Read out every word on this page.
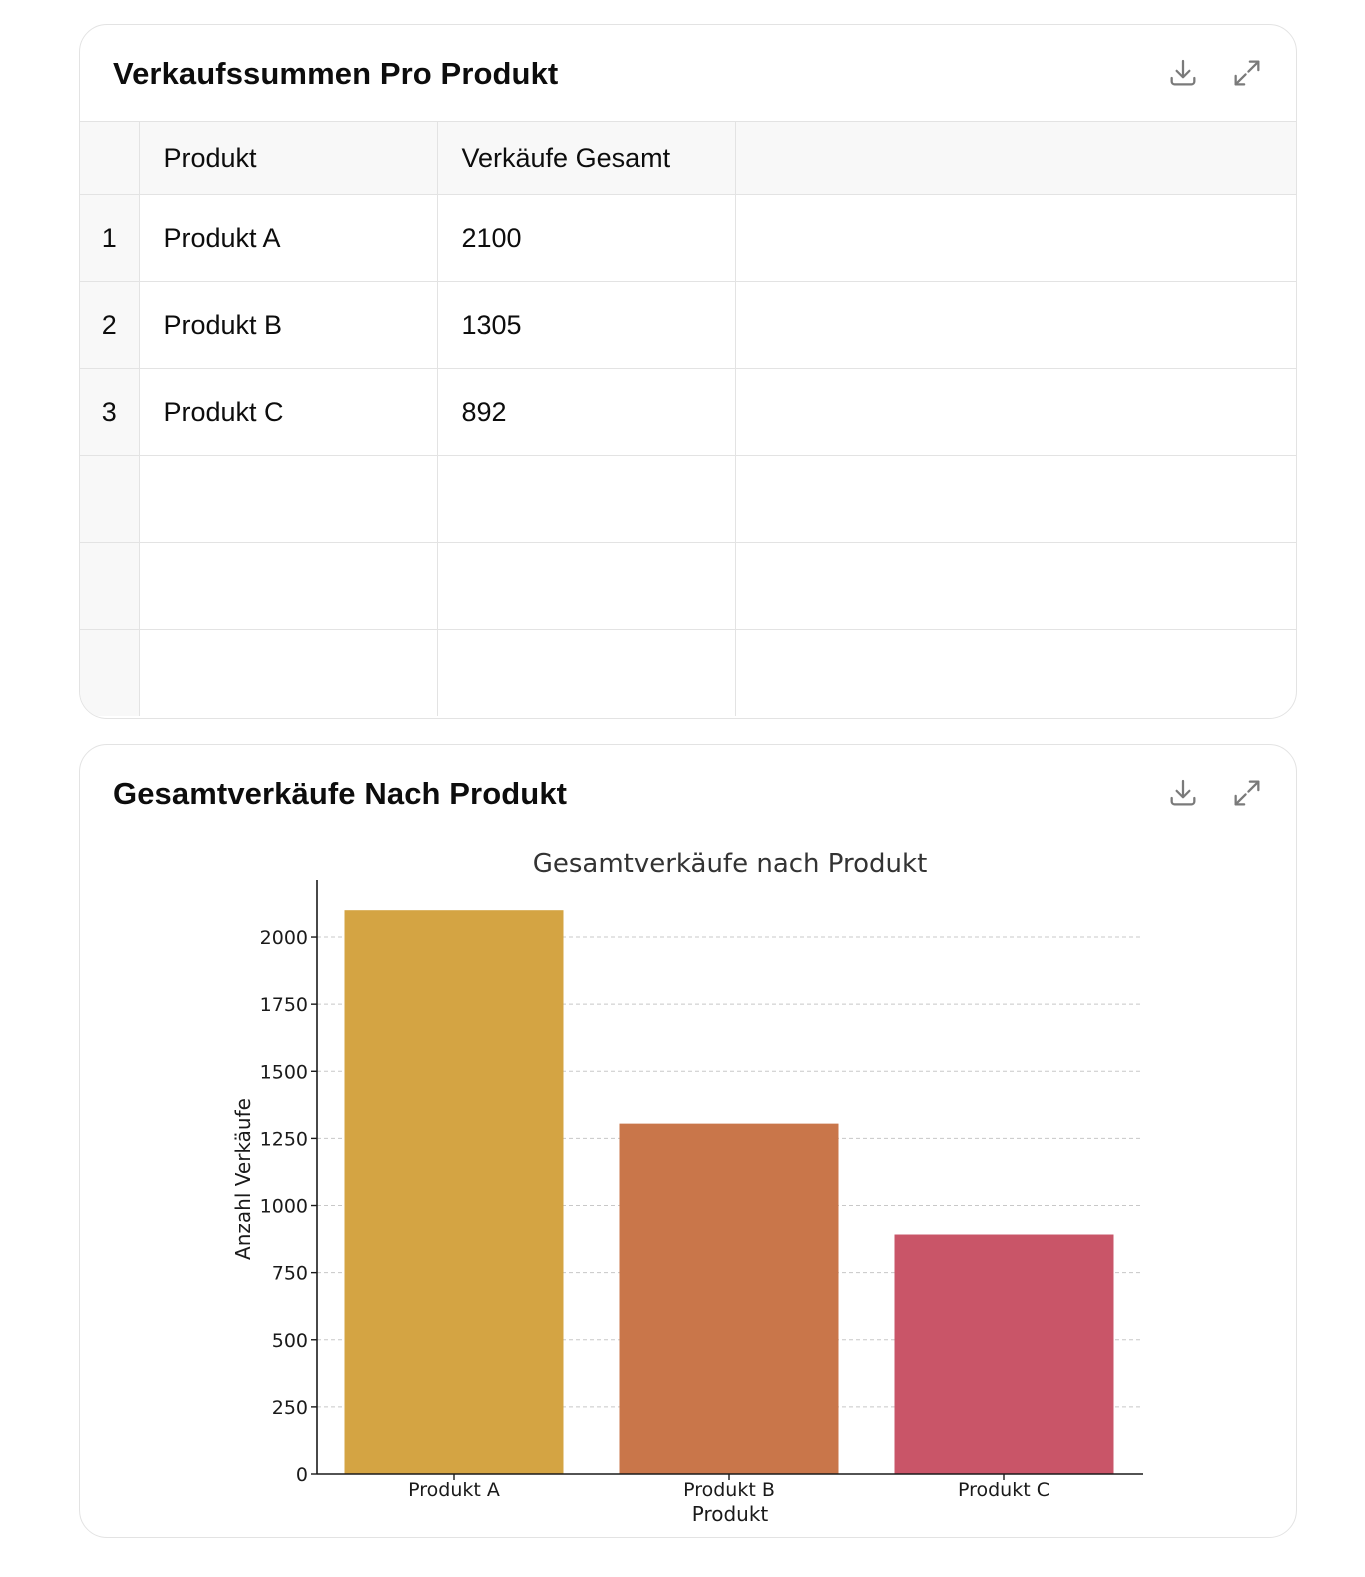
Verkaufssummen Pro Produkt
	Produkt	Verkäufe Gesamt	
1	Produkt A	2100	
2	Produkt B	1305	
3	Produkt C	892	

Gesamtverkäufe Nach Produkt
0
250
500
750
1000
1250
1500
1750
2000
Produkt A	Produkt B	Produkt C
Gesamtverkäufe nach Produkt
Produkt
Anzahl Verkäufe
